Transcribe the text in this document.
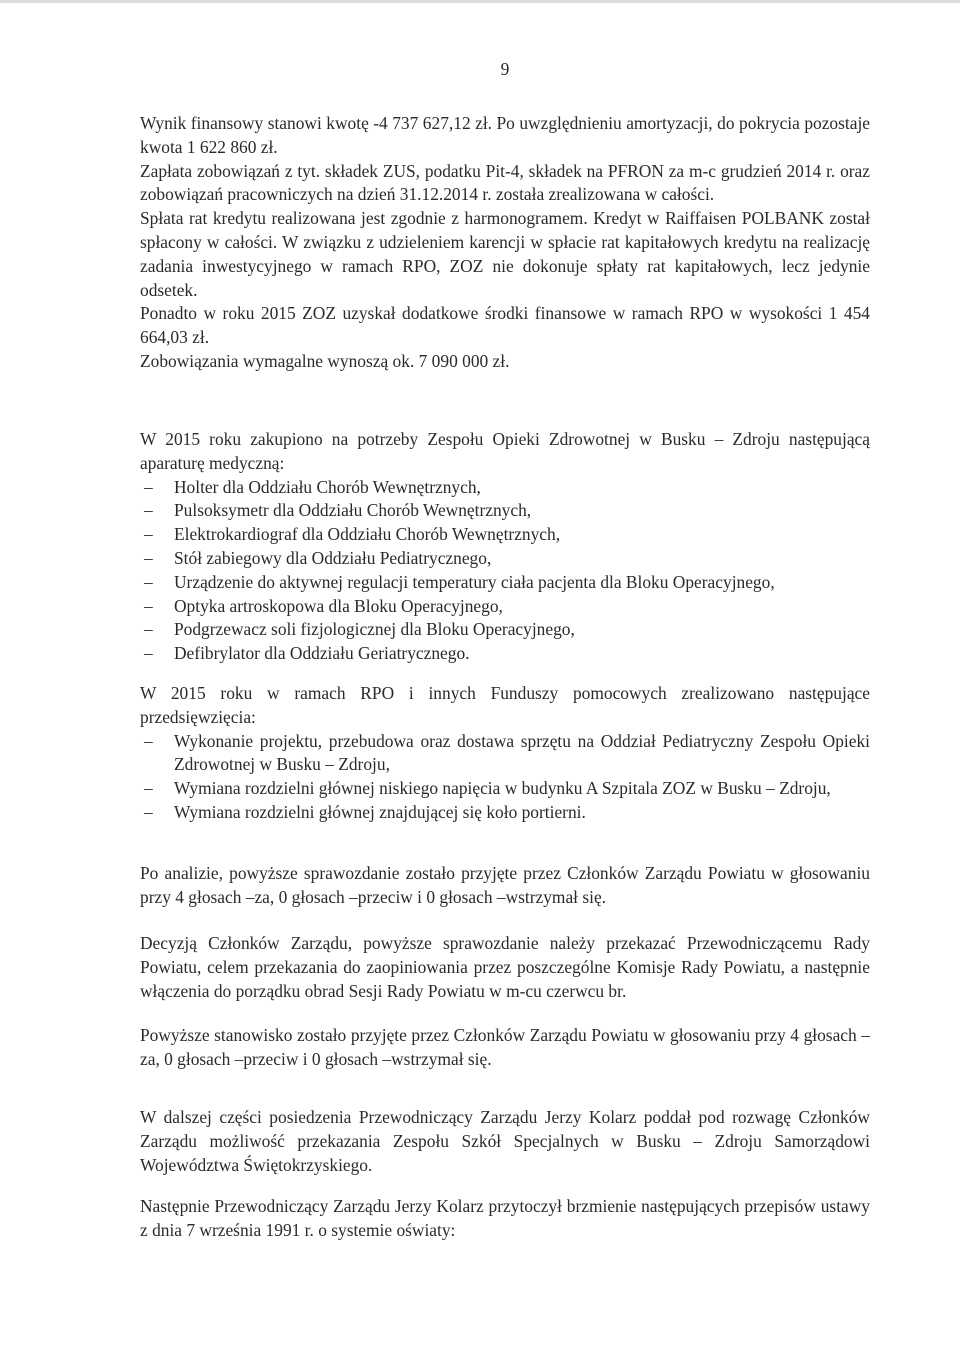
9

Wynik finansowy stanowi kwotę -4 737 627,12 zł. Po uwzględnieniu amortyzacji, do pokrycia pozostaje kwota 1 622 860 zł.

Zapłata zobowiązań z tyt. składek ZUS, podatku Pit-4, składek na PFRON za m-c grudzień 2014 r. oraz zobowiązań pracowniczych na dzień 31.12.2014 r. została zrealizowana w całości.

Spłata rat kredytu realizowana jest zgodnie z harmonogramem. Kredyt w Raiffaisen POLBANK został spłacony w całości. W związku z udzieleniem karencji w spłacie rat kapitałowych kredytu na realizację zadania inwestycyjnego w ramach RPO, ZOZ nie dokonuje spłaty rat kapitałowych, lecz jedynie odsetek.

Ponadto w roku 2015 ZOZ uzyskał dodatkowe środki finansowe w ramach RPO w wysokości 1 454 664,03 zł.

Zobowiązania wymagalne wynoszą ok. 7 090 000 zł.

W 2015 roku zakupiono na potrzeby Zespołu Opieki Zdrowotnej w Busku – Zdroju następującą aparaturę medyczną:

– Holter dla Oddziału Chorób Wewnętrznych,
– Pulsoksymetr dla Oddziału Chorób Wewnętrznych,
– Elektrokardiograf dla Oddziału Chorób Wewnętrznych,
– Stół zabiegowy dla Oddziału Pediatrycznego,
– Urządzenie do aktywnej regulacji temperatury ciała pacjenta dla Bloku Operacyjnego,
– Optyka artroskopowa dla Bloku Operacyjnego,
– Podgrzewacz soli fizjologicznej dla Bloku Operacyjnego,
– Defibrylator dla Oddziału Geriatrycznego.

W 2015 roku w ramach RPO i innych Funduszy pomocowych zrealizowano następujące przedsięwzięcia:

– Wykonanie projektu, przebudowa oraz dostawa sprzętu na Oddział Pediatryczny Zespołu Opieki Zdrowotnej w Busku – Zdroju,
– Wymiana rozdzielni głównej niskiego napięcia w budynku A Szpitala ZOZ w Busku – Zdroju,
– Wymiana rozdzielni głównej znajdującej się koło portierni.

Po analizie, powyższe sprawozdanie zostało przyjęte przez Członków Zarządu Powiatu w głosowaniu przy 4 głosach –za, 0 głosach –przeciw i 0 głosach –wstrzymał się.

Decyzją Członków Zarządu, powyższe sprawozdanie należy przekazać Przewodniczącemu Rady Powiatu, celem przekazania do zaopiniowania przez poszczególne Komisje Rady Powiatu, a następnie włączenia do porządku obrad Sesji Rady Powiatu w m-cu czerwcu br.

Powyższe stanowisko zostało przyjęte przez Członków Zarządu Powiatu w głosowaniu przy 4 głosach –za, 0 głosach –przeciw i 0 głosach –wstrzymał się.

W dalszej części posiedzenia Przewodniczący Zarządu Jerzy Kolarz poddał pod rozwagę Członków Zarządu możliwość przekazania Zespołu Szkół Specjalnych w Busku – Zdroju Samorządowi Województwa Świętokrzyskiego.

Następnie Przewodniczący Zarządu Jerzy Kolarz przytoczył brzmienie następujących przepisów ustawy z dnia 7 września 1991 r. o systemie oświaty:
